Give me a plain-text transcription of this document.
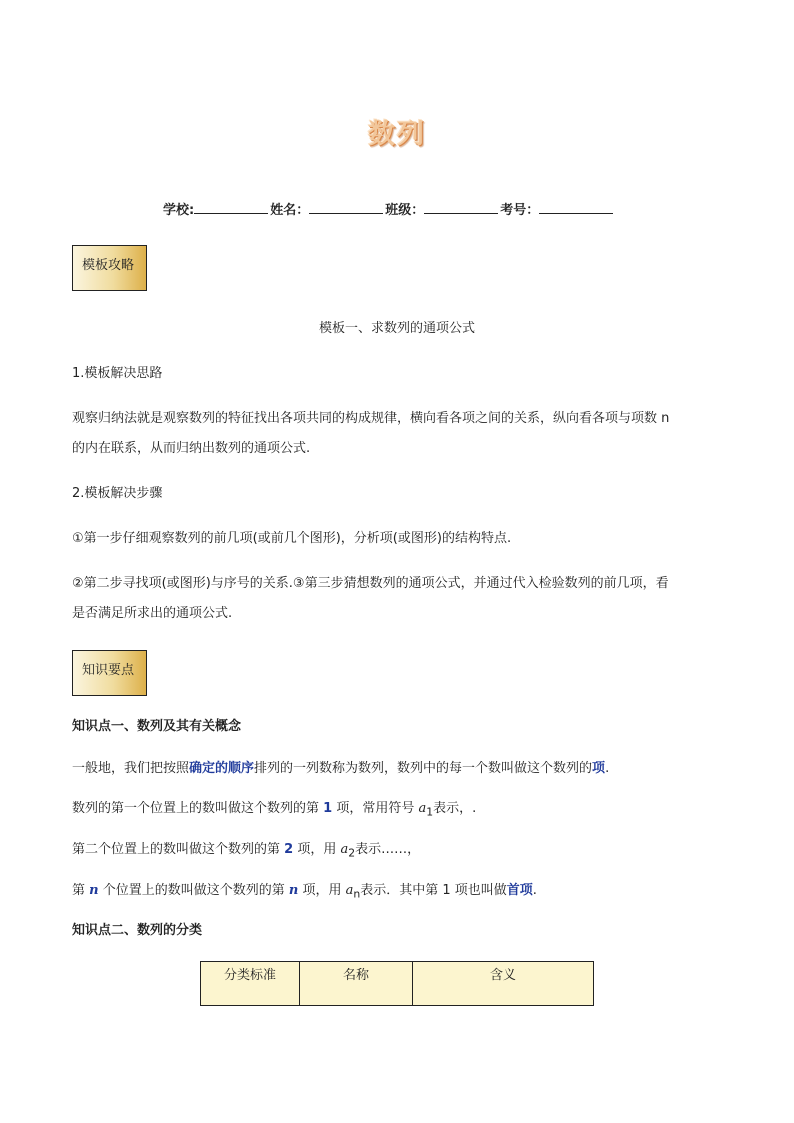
数列
学校:	姓名：	班级：	考号：
模板攻略
模板一、求数列的通项公式
1.模板解决思路
观察归纳法就是观察数列的特征找出各项共同的构成规律，横向看各项之间的关系，纵向看各项与项数 n
的内在联系，从而归纳出数列的通项公式.
2.模板解决步骤
①第一步仔细观察数列的前几项(或前几个图形)，分析项(或图形)的结构特点.
②第二步寻找项(或图形)与序号的关系.③第三步猜想数列的通项公式，并通过代入检验数列的前几项，看
是否满足所求出的通项公式.
知识要点
知识点一、数列及其有关概念
一般地，我们把按照确定的顺序排列的一列数称为数列，数列中的每一个数叫做这个数列的项.
数列的第一个位置上的数叫做这个数列的第 1 项，常用符号 $a_1$表示，.
第二个位置上的数叫做这个数列的第 2 项，用 $a_2$表示……，
第 n 个位置上的数叫做这个数列的第 n 项，用 $a_n$表示．其中第 1 项也叫做首项.
知识点二、数列的分类
分类标准	名称	含义
